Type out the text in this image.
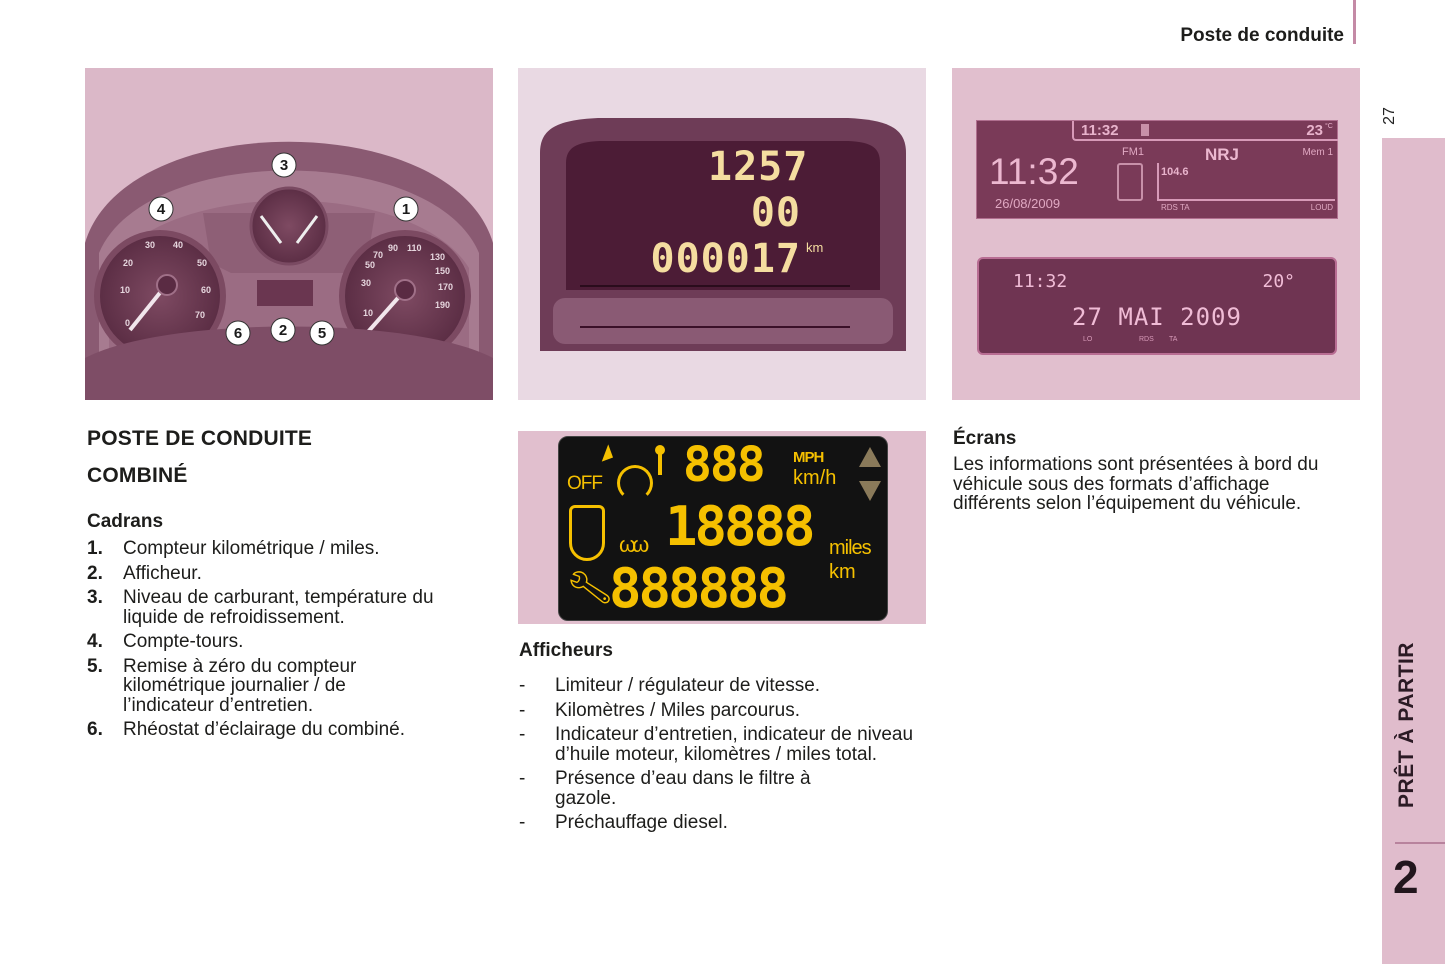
Poste de conduite
27
PRÊT À PARTIR
2
0
10
20
30 40
50
60
70	10
30
50
70
90 110
130
150
170
190
3
4	1
6 2 5
1257
00
000017 km
11:32	23 °C
11:32
26/08/2009
FM1	NRJ	Mem 1
104.6
RDS TA	LOUD
11:32	20°
27 MAI 2009
LO	RDS TA
OFF 888 MPH
km/h
ωω 18888 miles
km
🔧︎
888888
POSTE DE CONDUITE
COMBINÉ
Cadrans
1. Compteur kilométrique / miles.
2. Afficheur.
3. Niveau de carburant, température du liquide de refroidissement.
4. Compte-tours.
5. Remise à zéro du compteur kilométrique journalier / de l’indicateur d’entretien.
6. Rhéostat d’éclairage du combiné.
Afficheurs
- Limiteur / régulateur de vitesse.
- Kilomètres / Miles parcourus.
- Indicateur d’entretien, indicateur de niveau d’huile moteur, kilomètres / miles total.
- Présence d’eau dans le filtre à gazole.
- Préchauffage diesel.
Écrans
Les informations sont présentées à bord du véhicule sous des formats d’affichage différents selon l’équipement du véhicule.
